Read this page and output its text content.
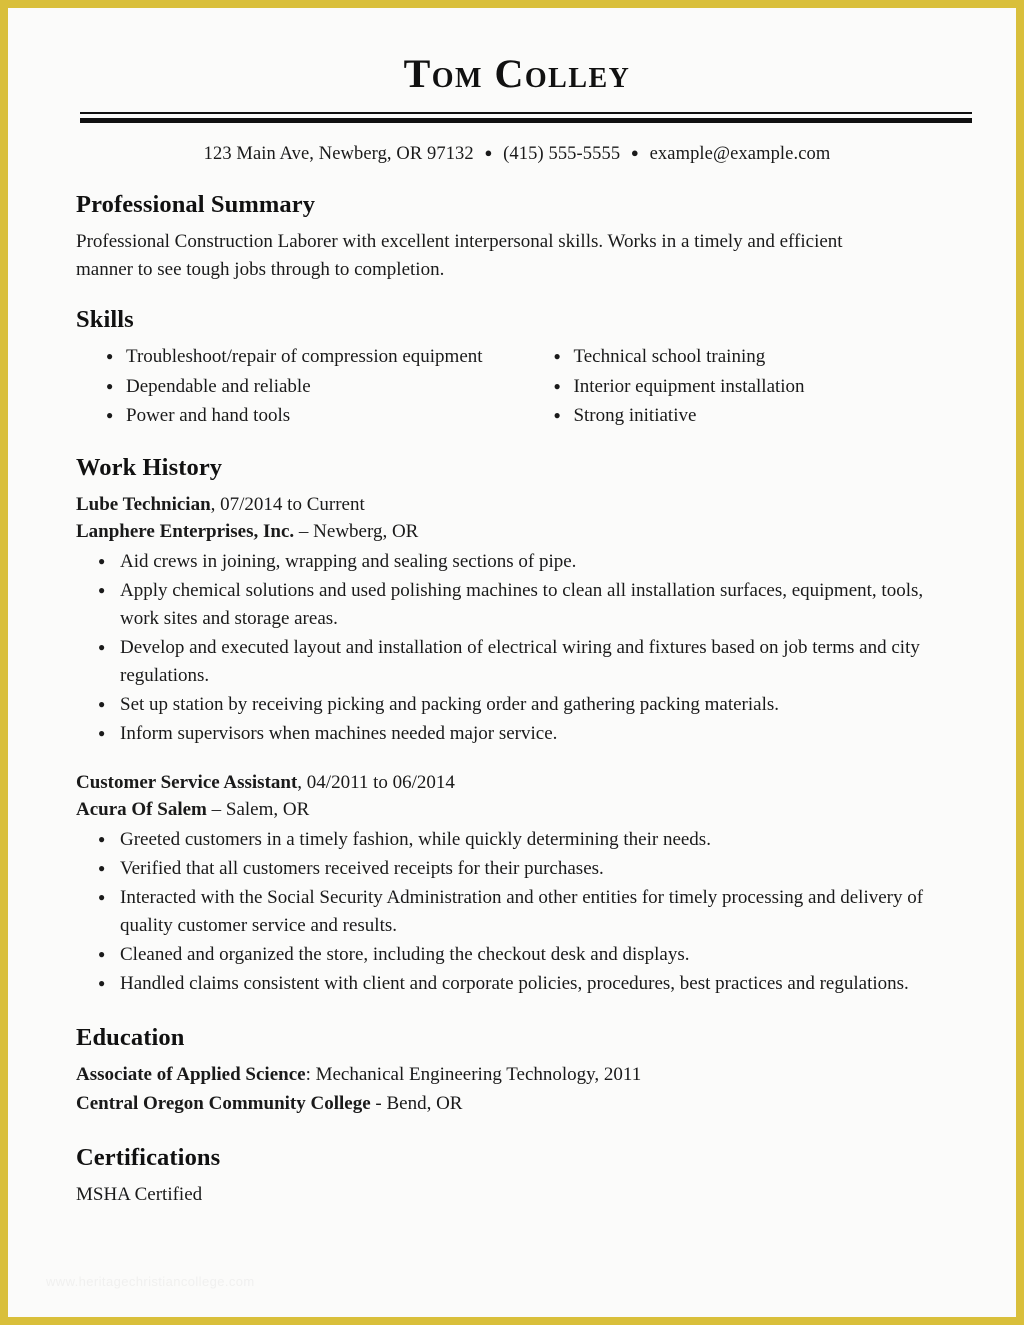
Tom Colley
123 Main Ave, Newberg, OR 97132 ● (415) 555-5555 ● example@example.com
Professional Summary

Professional Construction Laborer with excellent interpersonal skills. Works in a timely and efficient manner to see tough jobs through to completion.

Skills
● Troubleshoot/repair of compression equipment
● Dependable and reliable
● Power and hand tools
● Technical school training
● Interior equipment installation
● Strong initiative
Work History
Lube Technician, 07/2014 to Current
Lanphere Enterprises, Inc. – Newberg, OR
● Aid crews in joining, wrapping and sealing sections of pipe.
● Apply chemical solutions and used polishing machines to clean all installation surfaces, equipment, tools, work sites and storage areas.
● Develop and executed layout and installation of electrical wiring and fixtures based on job terms and city regulations.
● Set up station by receiving picking and packing order and gathering packing materials.
● Inform supervisors when machines needed major service.
Customer Service Assistant, 04/2011 to 06/2014
Acura Of Salem – Salem, OR
● Greeted customers in a timely fashion, while quickly determining their needs.
● Verified that all customers received receipts for their purchases.
● Interacted with the Social Security Administration and other entities for timely processing and delivery of quality customer service and results.
● Cleaned and organized the store, including the checkout desk and displays.
● Handled claims consistent with client and corporate policies, procedures, best practices and regulations.
Education
Associate of Applied Science: Mechanical Engineering Technology, 2011
Central Oregon Community College - Bend, OR
Certifications
MSHA Certified
www.heritagechristiancollege.com
